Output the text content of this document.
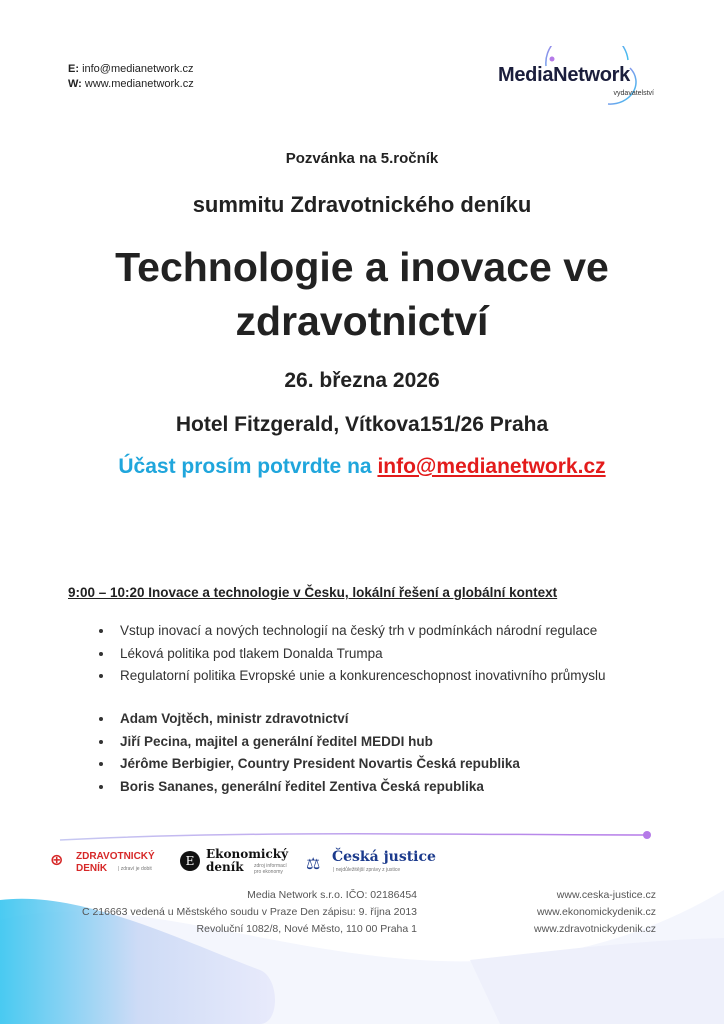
E: info@medianetwork.cz
W: www.medianetwork.cz	MediaNetwork
vydavatelství
Pozvánka na 5.ročník
summitu Zdravotnického deníku
Technologie a inovace ve
zdravotnictví
26. března 2026
Hotel Fitzgerald, Vítkova151/26 Praha
Účast prosím potvrdte na info@medianetwork.cz
9:00 – 10:20 Inovace a technologie v Česku, lokální řešení a globální kontext
• Vstup inovací a nových technologií na český trh v podmínkách národní regulace
• Léková politika pod tlakem Donalda Trumpa
• Regulatorní politika Evropské unie a konkurenceschopnost inovativního průmyslu
• Adam Vojtěch, ministr zdravotnictví
• Jiří Pecina, majitel a generální ředitel MEDDI hub
• Jérôme Berbigier, Country President Novartis Česká republika
• Boris Sananes, generální ředitel Zentiva Česká republika
⊕ ZDRAVOTNICKÝ
DENÍK	| zdraví je dobit
E Ekonomický
deník	zdroj informací pro ekonomy	⚖ Česká justice
| nejdůležitější zprávy z justice
Media Network s.r.o. IČO: 02186454
C 216663 vedená u Městského soudu v Praze Den zápisu: 9. října 2013
Revoluční 1082/8, Nové Město, 110 00 Praha 1
www.ceska-justice.cz
www.ekonomickydenik.cz
www.zdravotnickydenik.cz
